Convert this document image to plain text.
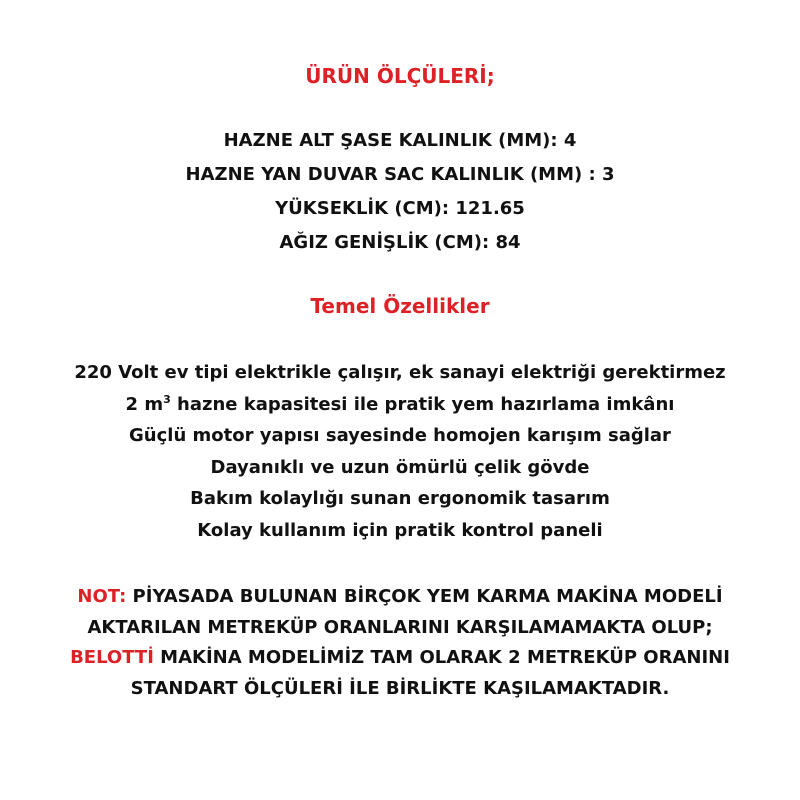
ÜRÜN ÖLÇÜLERİ;
HAZNE ALT ŞASE KALINLIK (MM): 4
HAZNE YAN DUVAR SAC KALINLIK (MM) : 3
YÜKSEKLİK (CM): 121.65
AĞIZ GENİŞLİK (CM): 84
Temel Özellikler
220 Volt ev tipi elektrikle çalışır, ek sanayi elektriği gerektirmez
2 $m^3$ hazne kapasitesi ile pratik yem hazırlama imkânı
Güçlü motor yapısı sayesinde homojen karışım sağlar
Dayanıklı ve uzun ömürlü çelik gövde
Bakım kolaylığı sunan ergonomik tasarım
Kolay kullanım için pratik kontrol paneli
NOT: PİYASADA BULUNAN BİRÇOK YEM KARMA MAKİNA MODELİ
AKTARILAN METREKÜP ORANLARINI KARŞILAMAMAKTA OLUP;
BELOTTİ MAKİNA MODELİMİZ TAM OLARAK 2 METREKÜP ORANINI
STANDART ÖLÇÜLERİ İLE BİRLİKTE KAŞILAMAKTADIR.
